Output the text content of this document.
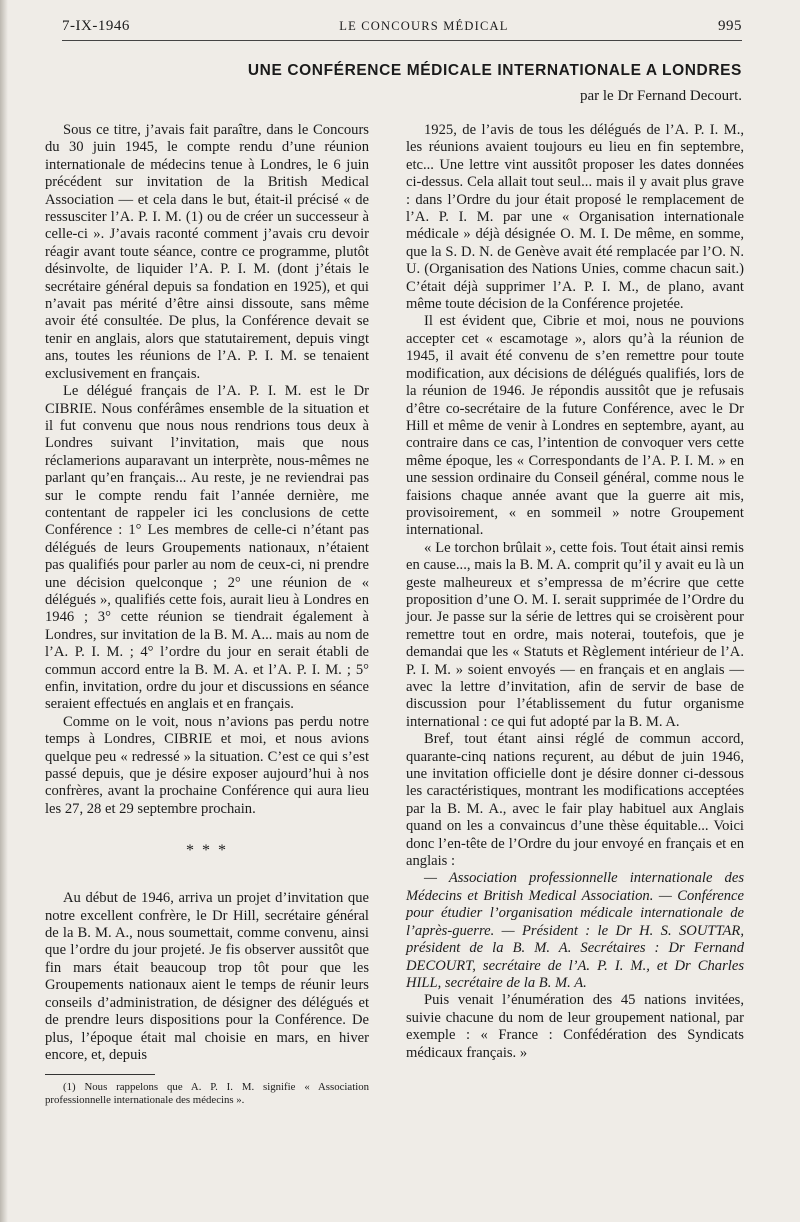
7-IX-1946	LE CONCOURS MÉDICAL	995
UNE CONFÉRENCE MÉDICALE INTERNATIONALE A LONDRES
par le Dr Fernand Decourt.

Sous ce titre, j’avais fait paraître, dans le Concours du 30 juin 1945, le compte rendu d’une réunion internationale de médecins tenue à Londres, le 6 juin précédent sur invitation de la British Medical Association — et cela dans le but, était-il précisé « de ressusciter l’A. P. I. M. (1) ou de créer un successeur à celle-ci ». J’avais raconté comment j’avais cru devoir réagir avant toute séance, contre ce programme, plutôt désinvolte, de liquider l’A. P. I. M. (dont j’étais le secrétaire général depuis sa fondation en 1925), et qui n’avait pas mérité d’être ainsi dissoute, sans même avoir été consultée. De plus, la Conférence devait se tenir en anglais, alors que statutairement, depuis vingt ans, toutes les réunions de l’A. P. I. M. se tenaient exclusivement en français.

Le délégué français de l’A. P. I. M. est le Dr CIBRIE. Nous conférâmes ensemble de la situation et il fut convenu que nous nous rendrions tous deux à Londres suivant l’invitation, mais que nous réclamerions auparavant un interprète, nous-mêmes ne parlant qu’en français... Au reste, je ne reviendrai pas sur le compte rendu fait l’année dernière, me contentant de rappeler ici les conclusions de cette Conférence : 1° Les membres de celle-ci n’étant pas délégués de leurs Groupements nationaux, n’étaient pas qualifiés pour parler au nom de ceux-ci, ni prendre une décision quelconque ; 2° une réunion de « délégués », qualifiés cette fois, aurait lieu à Londres en 1946 ; 3° cette réunion se tiendrait également à Londres, sur invitation de la B. M. A... mais au nom de l’A. P. I. M. ; 4° l’ordre du jour en serait établi de commun accord entre la B. M. A. et l’A. P. I. M. ; 5° enfin, invitation, ordre du jour et discussions en séance seraient effectués en anglais et en français.

Comme on le voit, nous n’avions pas perdu notre temps à Londres, CIBRIE et moi, et nous avions quelque peu « redressé » la situation. C’est ce qui s’est passé depuis, que je désire exposer aujourd’hui à nos confrères, avant la prochaine Conférence qui aura lieu les 27, 28 et 29 septembre prochain.

* * *

Au début de 1946, arriva un projet d’invitation que notre excellent confrère, le Dr Hill, secrétaire général de la B. M. A., nous soumettait, comme convenu, ainsi que l’ordre du jour projeté. Je fis observer aussitôt que fin mars était beaucoup trop tôt pour que les Groupements nationaux aient le temps de réunir leurs conseils d’administration, de désigner des délégués et de prendre leurs dispositions pour la Conférence. De plus, l’époque était mal choisie en mars, en hiver encore, et, depuis

(1) Nous rappelons que A. P. I. M. signifie « Association professionnelle internationale des médecins ».

1925, de l’avis de tous les délégués de l’A. P. I. M., les réunions avaient toujours eu lieu en fin septembre, etc... Une lettre vint aussitôt proposer les dates données ci-dessus. Cela allait tout seul... mais il y avait plus grave : dans l’Ordre du jour était proposé le remplacement de l’A. P. I. M. par une « Organisation internationale médicale » déjà désignée O. M. I. De même, en somme, que la S. D. N. de Genève avait été remplacée par l’O. N. U. (Organisation des Nations Unies, comme chacun sait.) C’était déjà supprimer l’A. P. I. M., de plano, avant même toute décision de la Conférence projetée.

Il est évident que, Cibrie et moi, nous ne pouvions accepter cet « escamotage », alors qu’à la réunion de 1945, il avait été convenu de s’en remettre pour toute modification, aux décisions de délégués qualifiés, lors de la réunion de 1946. Je répondis aussitôt que je refusais d’être co-secrétaire de la future Conférence, avec le Dr Hill et même de venir à Londres en septembre, ayant, au contraire dans ce cas, l’intention de convoquer vers cette même époque, les « Correspondants de l’A. P. I. M. » en une session ordinaire du Conseil général, comme nous le faisions chaque année avant que la guerre ait mis, provisoirement, « en sommeil » notre Groupement international.

« Le torchon brûlait », cette fois. Tout était ainsi remis en cause..., mais la B. M. A. comprit qu’il y avait eu là un geste malheureux et s’empressa de m’écrire que cette proposition d’une O. M. I. serait supprimée de l’Ordre du jour. Je passe sur la série de lettres qui se croisèrent pour remettre tout en ordre, mais noterai, toutefois, que je demandai que les « Statuts et Règlement intérieur de l’A. P. I. M. » soient envoyés — en français et en anglais — avec la lettre d’invitation, afin de servir de base de discussion pour l’établissement du futur organisme international : ce qui fut adopté par la B. M. A.

Bref, tout étant ainsi réglé de commun accord, quarante-cinq nations reçurent, au début de juin 1946, une invitation officielle dont je désire donner ci-dessous les caractéristiques, montrant les modifications acceptées par la B. M. A., avec le fair play habituel aux Anglais quand on les a convaincus d’une thèse équitable... Voici donc l’en-tête de l’Ordre du jour envoyé en français et en anglais :

— Association professionnelle internationale des Médecins et British Medical Association. — Conférence pour étudier l’organisation médicale internationale de l’après-guerre. — Président : le Dr H. S. SOUTTAR, président de la B. M. A. Secrétaires : Dr Fernand DECOURT, secrétaire de l’A. P. I. M., et Dr Charles HILL, secrétaire de la B. M. A.

Puis venait l’énumération des 45 nations invitées, suivie chacune du nom de leur groupement national, par exemple : « France : Confédération des Syndicats médicaux français. »
